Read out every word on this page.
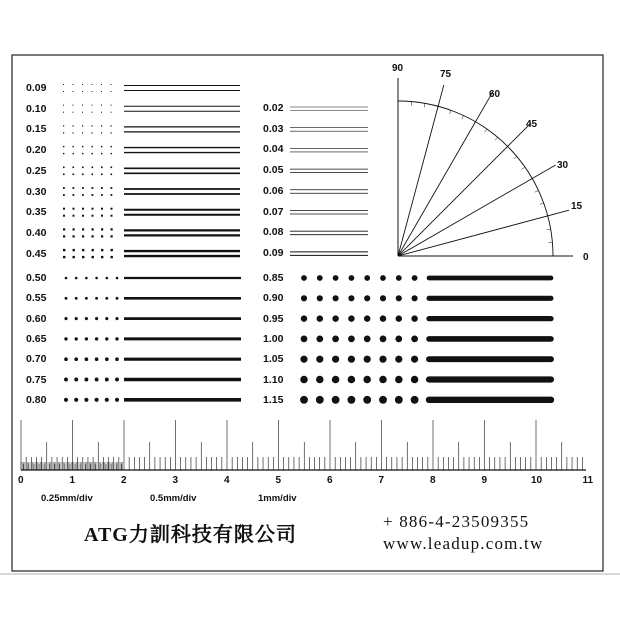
0.09
0.10
0.15
0.20
0.25
0.30
0.35
0.40
0.45
0.02
0.03
0.04
0.05
0.06
0.07
0.08
0.09
0.50
0.55
0.60
0.65
0.70
0.75
0.80
0.85
0.90
0.95
1.00
1.05
1.10
1.15
0
15
30
45
60
75
90
0	1	2	3	4	5	6	7	8	9	10	11
0.25mm/div	0.5mm/div	1mm/div
ATG力訓科技有限公司
+ 886-4-23509355
www.leadup.com.tw
